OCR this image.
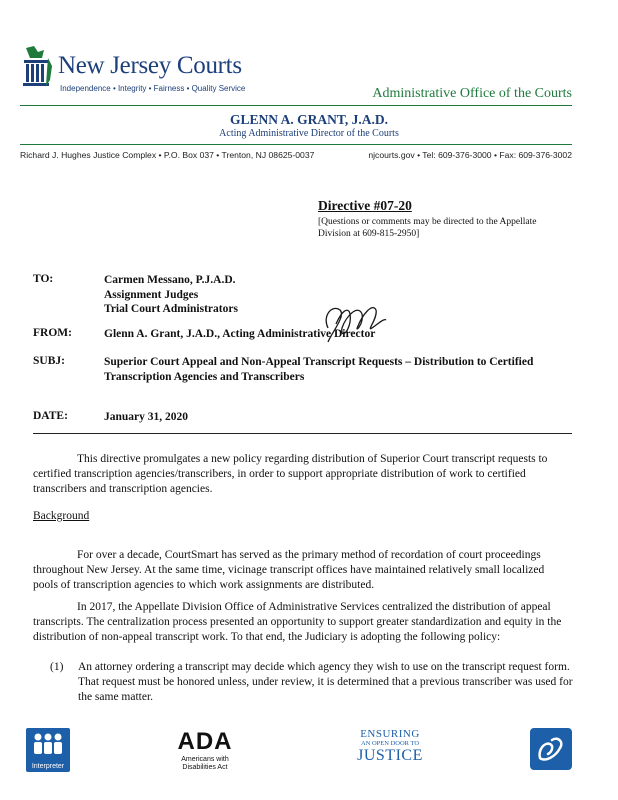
New Jersey Courts
Independence • Integrity • Fairness • Quality Service	Administrative Office of the Courts
GLENN A. GRANT, J.A.D.
Acting Administrative Director of the Courts
Richard J. Hughes Justice Complex • P.O. Box 037 • Trenton, NJ 08625-0037	njcourts.gov • Tel: 609-376-3000 • Fax: 609-376-3002
Directive #07-20
[Questions or comments may be directed to the Appellate Division at 609-815-2950]
TO:	Carmen Messano, P.J.A.D.
Assignment Judges
Trial Court Administrators
FROM:	Glenn A. Grant, J.A.D., Acting Administrative Director
SUBJ:	Superior Court Appeal and Non-Appeal Transcript Requests – Distribution to Certified Transcription Agencies and Transcribers
DATE:	January 31, 2020
This directive promulgates a new policy regarding distribution of Superior Court transcript requests to certified transcription agencies/transcribers, in order to support appropriate distribution of work to certified transcribers and transcription agencies.
Background
For over a decade, CourtSmart has served as the primary method of recordation of court proceedings throughout New Jersey. At the same time, vicinage transcript offices have maintained relatively small localized pools of transcription agencies to which work assignments are distributed.
In 2017, the Appellate Division Office of Administrative Services centralized the distribution of appeal transcripts. The centralization process presented an opportunity to support greater standardization and equity in the distribution of non-appeal transcript work. To that end, the Judiciary is adopting the following policy:
(1)	An attorney ordering a transcript may decide which agency they wish to use on the transcript request form. That request must be honored unless, under review, it is determined that a previous transcriber was used for the same matter.
Interpreter
ADA
Americans with Disabilities Act
ENSURING
AN OPEN DOOR TO
JUSTICE
